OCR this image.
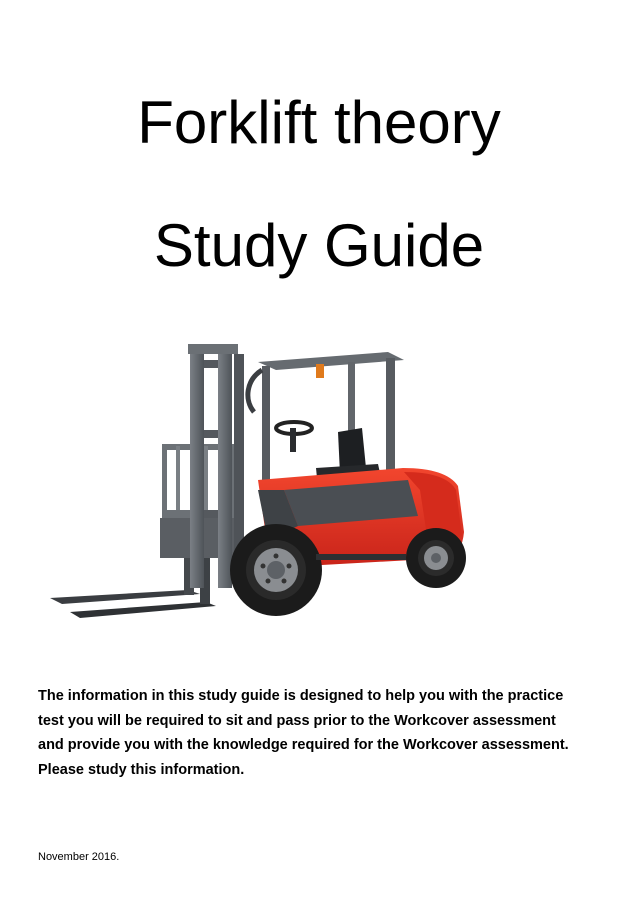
Forklift theory
Study Guide
The information in this study guide is designed to help you with the practice
test you will be required to sit and pass prior to the Workcover assessment
and provide you with the knowledge required for the Workcover assessment.
Please study this information.
November 2016.
